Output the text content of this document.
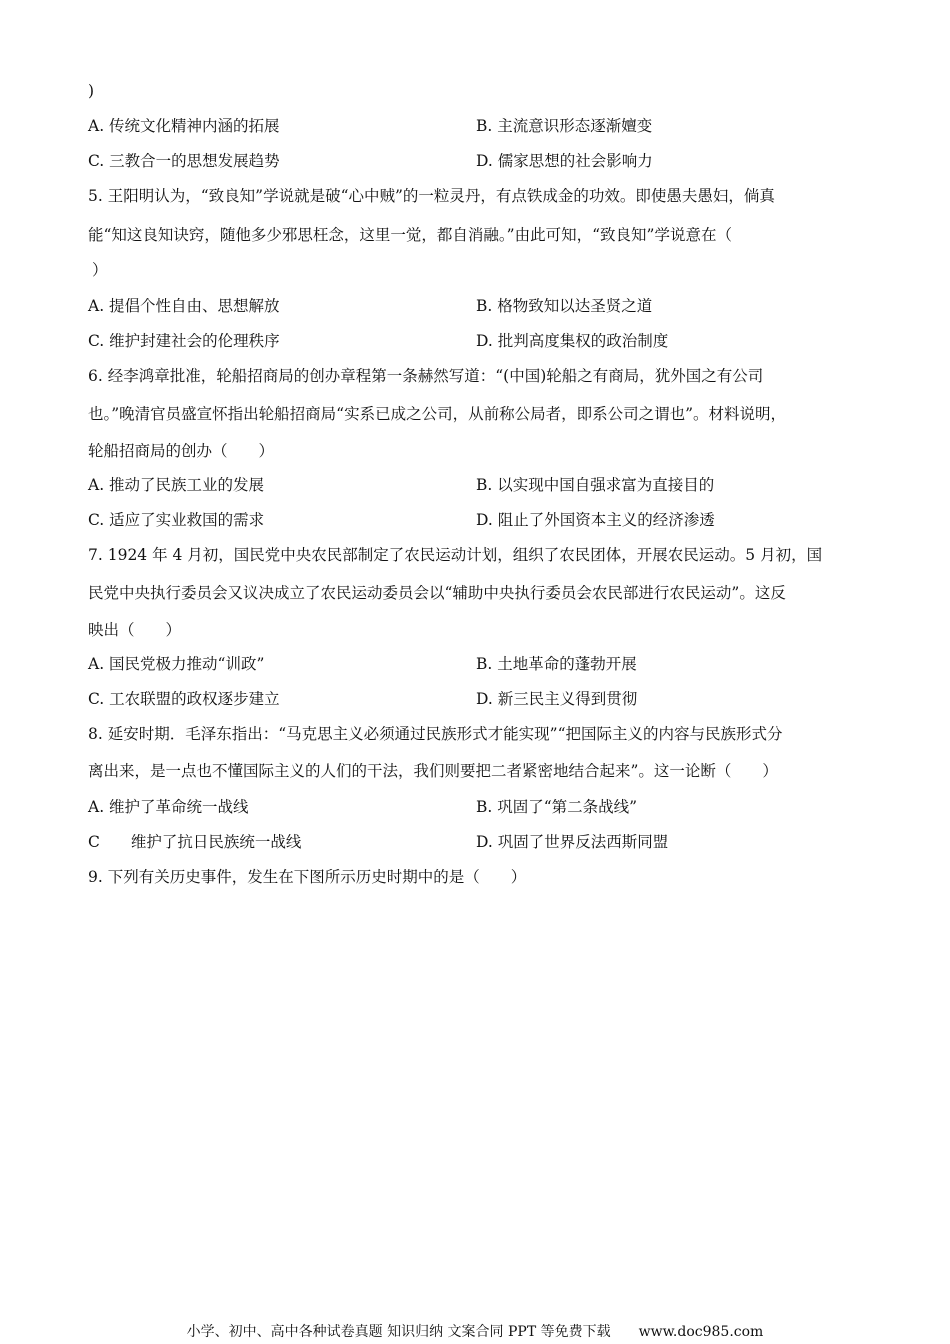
)
A. 传统文化精神内涵的拓展	B. 主流意识形态逐渐嬗变
C. 三教合一的思想发展趋势	D. 儒家思想的社会影响力
5. 王阳明认为，“致良知”学说就是破“心中贼”的一粒灵丹，有点铁成金的功效。即使愚夫愚妇，倘真
能“知这良知诀窍，随他多少邪思枉念，这里一觉，都自消融。”由此可知，“致良知”学说意在（
）
A. 提倡个性自由、思想解放	B. 格物致知以达圣贤之道
C. 维护封建社会的伦理秩序	D. 批判高度集权的政治制度
6. 经李鸿章批准，轮船招商局的创办章程第一条赫然写道：“(中国)轮船之有商局，犹外国之有公司
也。”晚清官员盛宣怀指出轮船招商局“实系已成之公司，从前称公局者，即系公司之谓也”。材料说明，
轮船招商局的创办（　　）
A. 推动了民族工业的发展	B. 以实现中国自强求富为直接目的
C. 适应了实业救国的需求	D. 阻止了外国资本主义的经济渗透
7. 1924 年 4 月初，国民党中央农民部制定了农民运动计划，组织了农民团体，开展农民运动。5 月初，国
民党中央执行委员会又议决成立了农民运动委员会以“辅助中央执行委员会农民部进行农民运动”。这反
映出（　　）
A. 国民党极力推动“训政”	B. 土地革命的蓬勃开展
C. 工农联盟的政权逐步建立	D. 新三民主义得到贯彻
8. 延安时期．毛泽东指出：“马克思主义必须通过民族形式才能实现”“把国际主义的内容与民族形式分
离出来，是一点也不懂国际主义的人们的干法，我们则要把二者紧密地结合起来”。这一论断（　　）
A. 维护了革命统一战线	B. 巩固了“第二条战线”
C　　维护了抗日民族统一战线	D. 巩固了世界反法西斯同盟
9. 下列有关历史事件，发生在下图所示历史时期中的是（　　）
小学、初中、高中各种试卷真题 知识归纳 文案合同 PPT 等免费下载　　www.doc985.com
